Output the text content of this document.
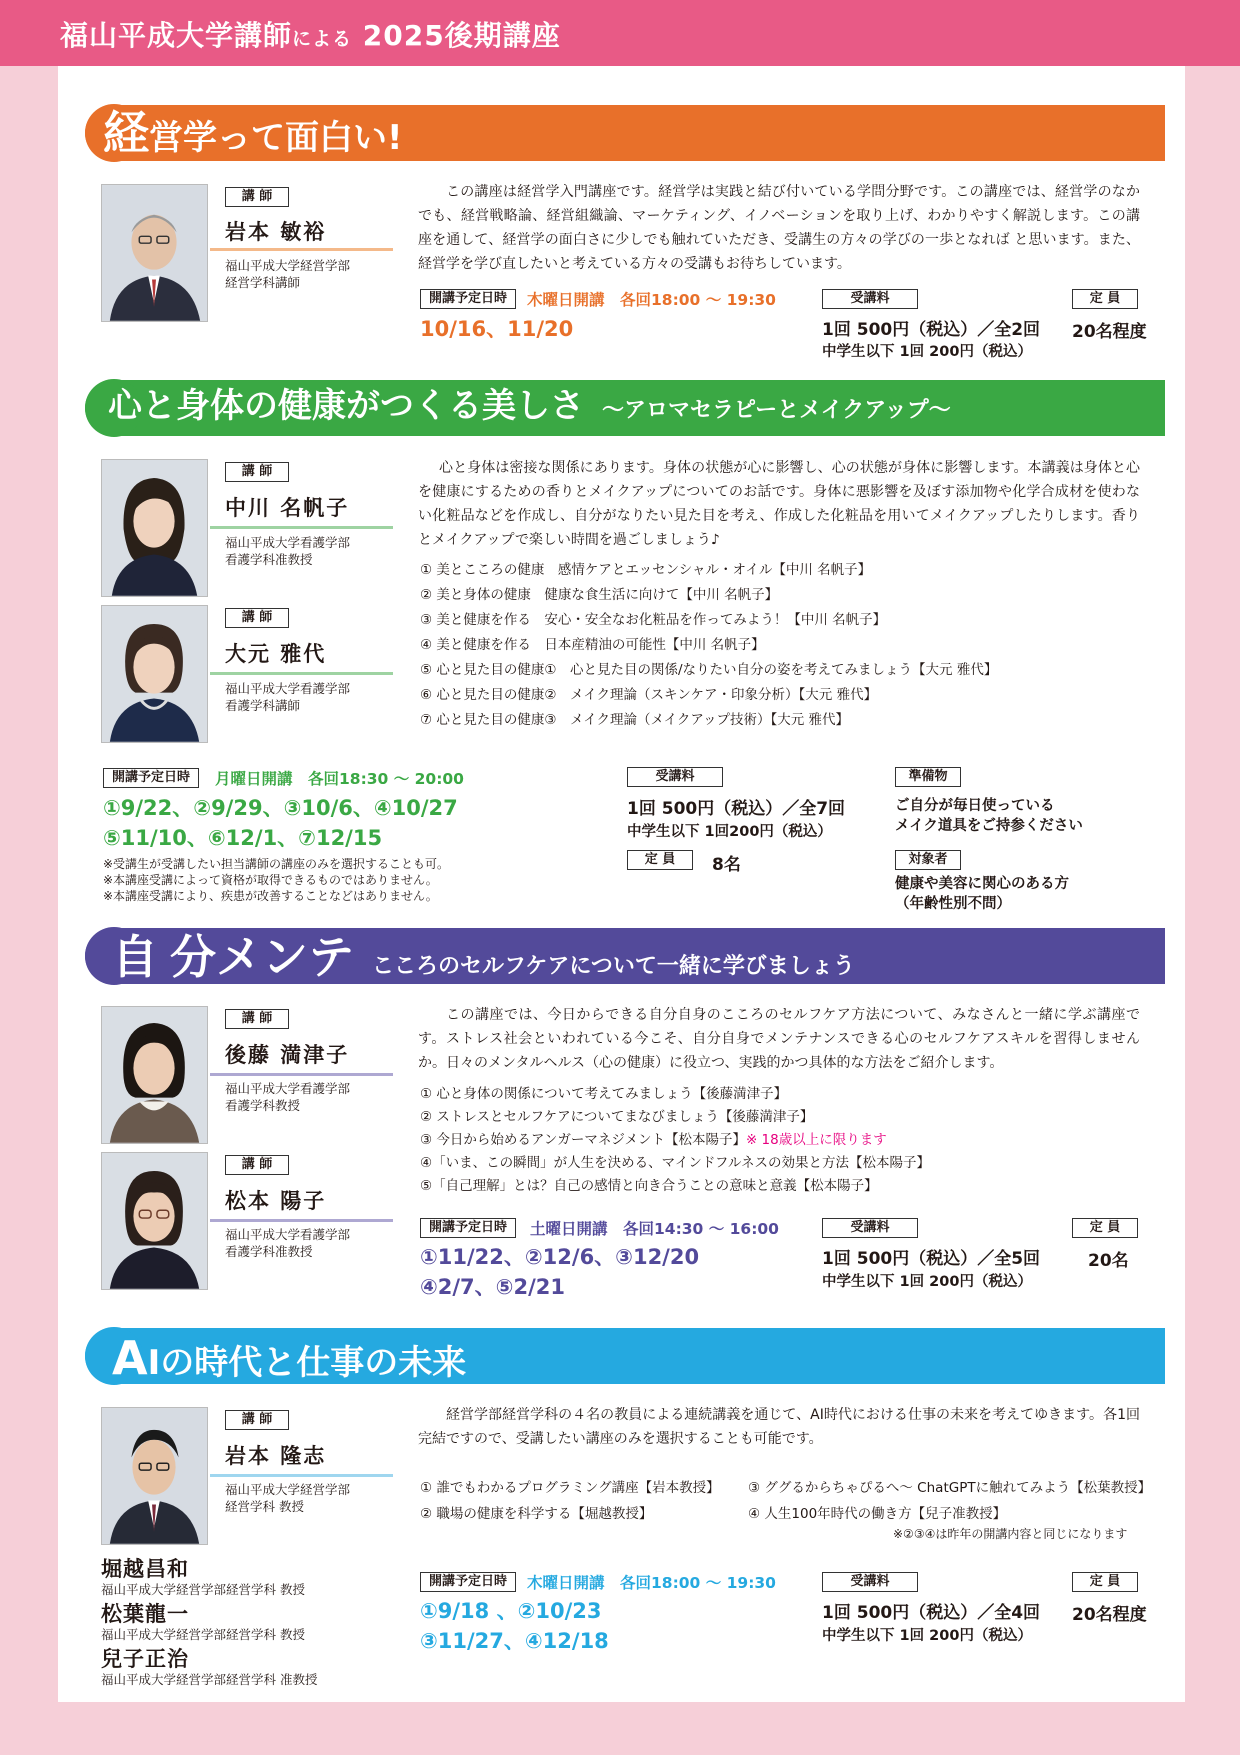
福山平成大学講師による 2025後期講座
経営学って面白い!
講 師
岩本 敏裕
福山平成大学経営学部
経営学科講師
この講座は経営学入門講座です。経営学は実践と結び付いている学問分野です。この講座では、経営学のなかでも、経営戦略論、経営組織論、マーケティング、イノベーションを取り上げ、わかりやすく解説します。この講座を通して、経営学の面白さに少しでも触れていただき、受講生の方々の学びの一歩となれば と思います。また、経営学を学び直したいと考えている方々の受講もお待ちしています。
開講予定日時	木曜日開講　各回18:00 〜 19:30
10/16、11/20
受講料
1回 500円（税込）／全2回
中学生以下 1回 200円（税込）
定 員
20名程度
心と身体の健康がつくる美しさ 〜アロマセラピーとメイクアップ〜
講 師
中川 名帆子
福山平成大学看護学部
看護学科准教授
講 師
大元 雅代
福山平成大学看護学部
看護学科講師
心と身体は密接な関係にあります。身体の状態が心に影響し、心の状態が身体に影響します。本講義は身体と心を健康にするための香りとメイクアップについてのお話です。身体に悪影響を及ぼす添加物や化学合成材を使わない化粧品などを作成し、自分がなりたい見た目を考え、作成した化粧品を用いてメイクアップしたりします。香りとメイクアップで楽しい時間を過ごしましょう♪
① 美とこころの健康　感情ケアとエッセンシャル・オイル【中川 名帆子】
② 美と身体の健康　健康な食生活に向けて【中川 名帆子】
③ 美と健康を作る　安心・安全なお化粧品を作ってみよう！【中川 名帆子】
④ 美と健康を作る　日本産精油の可能性【中川 名帆子】
⑤ 心と見た目の健康①　心と見た目の関係/なりたい自分の姿を考えてみましょう【大元 雅代】
⑥ 心と見た目の健康②　メイク理論（スキンケア・印象分析）【大元 雅代】
⑦ 心と見た目の健康③　メイク理論（メイクアップ技術）【大元 雅代】
開講予定日時	月曜日開講　各回18:30 〜 20:00
①9/22、②9/29、③10/6、④10/27
⑤11/10、⑥12/1、⑦12/15
※受講生が受講したい担当講師の講座のみを選択することも可。
※本講座受講によって資格が取得できるものではありません。
※本講座受講により、疾患が改善することなどはありません。
受講料
1回 500円（税込）／全7回
中学生以下 1回200円（税込）
定 員	8名
準備物
ご自分が毎日使っている
メイク道具をご持参ください
対象者
健康や美容に関心のある方
（年齢性別不問）
自 分メンテ こころのセルフケアについて一緒に学びましょう
講 師
後藤 満津子
福山平成大学看護学部
看護学科教授
講 師
松本 陽子
福山平成大学看護学部
看護学科准教授
この講座では、今日からできる自分自身のこころのセルフケア方法について、みなさんと一緒に学ぶ講座です。ストレス社会といわれている今こそ、自分自身でメンテナンスできる心のセルフケアスキルを習得しませんか。日々のメンタルヘルス（心の健康）に役立つ、実践的かつ具体的な方法をご紹介します。
① 心と身体の関係について考えてみましょう【後藤満津子】
② ストレスとセルフケアについてまなびましょう【後藤満津子】
③ 今日から始めるアンガーマネジメント【松本陽子】※ 18歳以上に限ります
④「いま、この瞬間」が人生を決める、マインドフルネスの効果と方法【松本陽子】
⑤「自己理解」とは？自己の感情と向き合うことの意味と意義【松本陽子】
開講予定日時	土曜日開講　各回14:30 〜 16:00
①11/22、②12/6、③12/20
④2/7、⑤2/21
受講料
1回 500円（税込）／全5回
中学生以下 1回 200円（税込）
定 員
20名
AIの時代と仕事の未来
講 師
岩本 隆志
福山平成大学経営学部
経営学科 教授
堀越昌和
福山平成大学経営学部経営学科 教授
松葉龍一
福山平成大学経営学部経営学科 教授
兒子正治
福山平成大学経営学部経営学科 准教授
経営学部経営学科の４名の教員による連続講義を通じて、AI時代における仕事の未来を考えてゆきます。各1回完結ですので、受講したい講座のみを選択することも可能です。
① 誰でもわかるプログラミング講座【岩本教授】
② 職場の健康を科学する【堀越教授】
③ ググるからちゃぴるへ〜 ChatGPTに触れてみよう【松葉教授】
④ 人生100年時代の働き方【兒子准教授】
※②③④は昨年の開講内容と同じになります
開講予定日時	木曜日開講　各回18:00 〜 19:30
①9/18 、②10/23
③11/27、④12/18
受講料
1回 500円（税込）／全4回
中学生以下 1回 200円（税込）
定 員
20名程度
